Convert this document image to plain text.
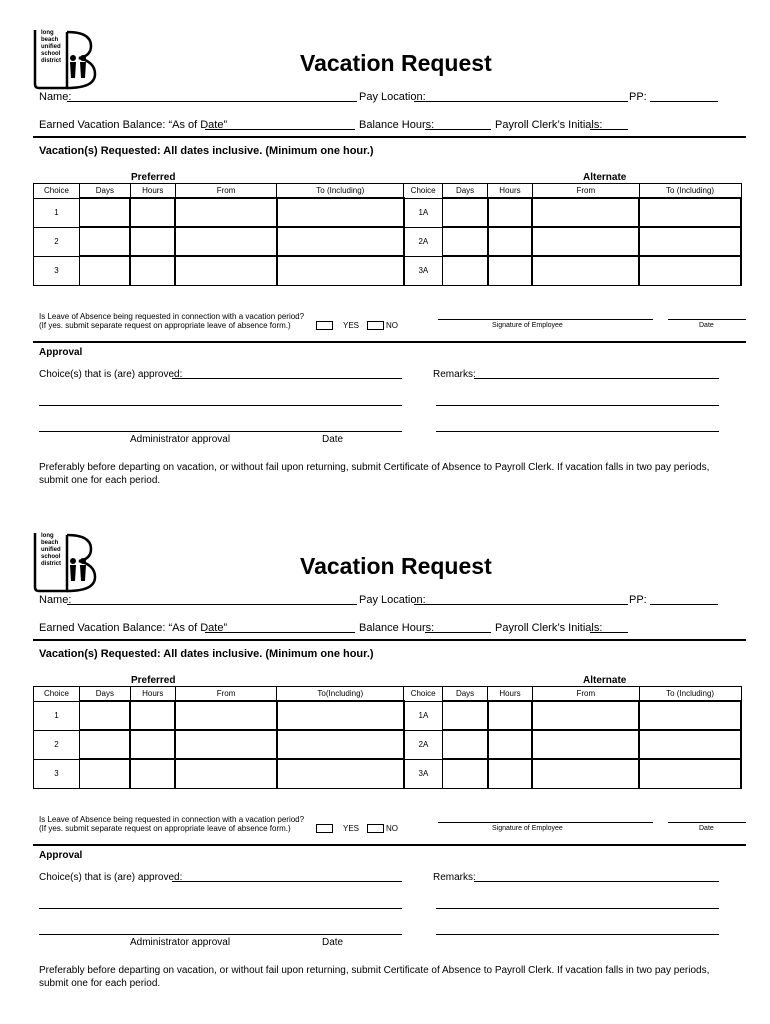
long
beach
unified
school
district	Vacation Request
Name:	Pay Location:	PP:
Earned Vacation Balance: “As of Date”	Balance Hours:	Payroll Clerk’s Initials:
Vacation(s) Requested: All dates inclusive. (Minimum one hour.)
Preferred	Alternate
Choice	Days	Hours	From	To (Including)	Choice	Days	Hours	From	To (Including)
1					1A				
2					2A				
3					3A				
Is Leave of Absence being requested in connection with a vacation period?
(If yes. submit separate request on appropriate leave of absence form.)	YES	NO	Signature of Employee	Date
Approval
Choice(s) that is (are) approved:	Remarks:
Administrator approval	Date
Preferably before departing on vacation, or without fail upon returning, submit Certificate of Absence to Payroll Clerk. If vacation falls in two pay periods, submit one for each period.
long
beach
unified
school
district	Vacation Request
Name:	Pay Location:	PP:
Earned Vacation Balance: “As of Date”	Balance Hours:	Payroll Clerk’s Initials:
Vacation(s) Requested: All dates inclusive. (Minimum one hour.)
Preferred	Alternate
Choice	Days	Hours	From	To(Including)	Choice	Days	Hours	From	To (Including)
1					1A				
2					2A				
3					3A				
Is Leave of Absence being requested in connection with a vacation period?
(If yes. submit separate request on appropriate leave of absence form.)	YES	NO	Signature of Employee	Date
Approval
Choice(s) that is (are) approved:	Remarks:
Administrator approval	Date
Preferably before departing on vacation, or without fail upon returning, submit Certificate of Absence to Payroll Clerk. If vacation falls in two pay periods, submit one for each period.
